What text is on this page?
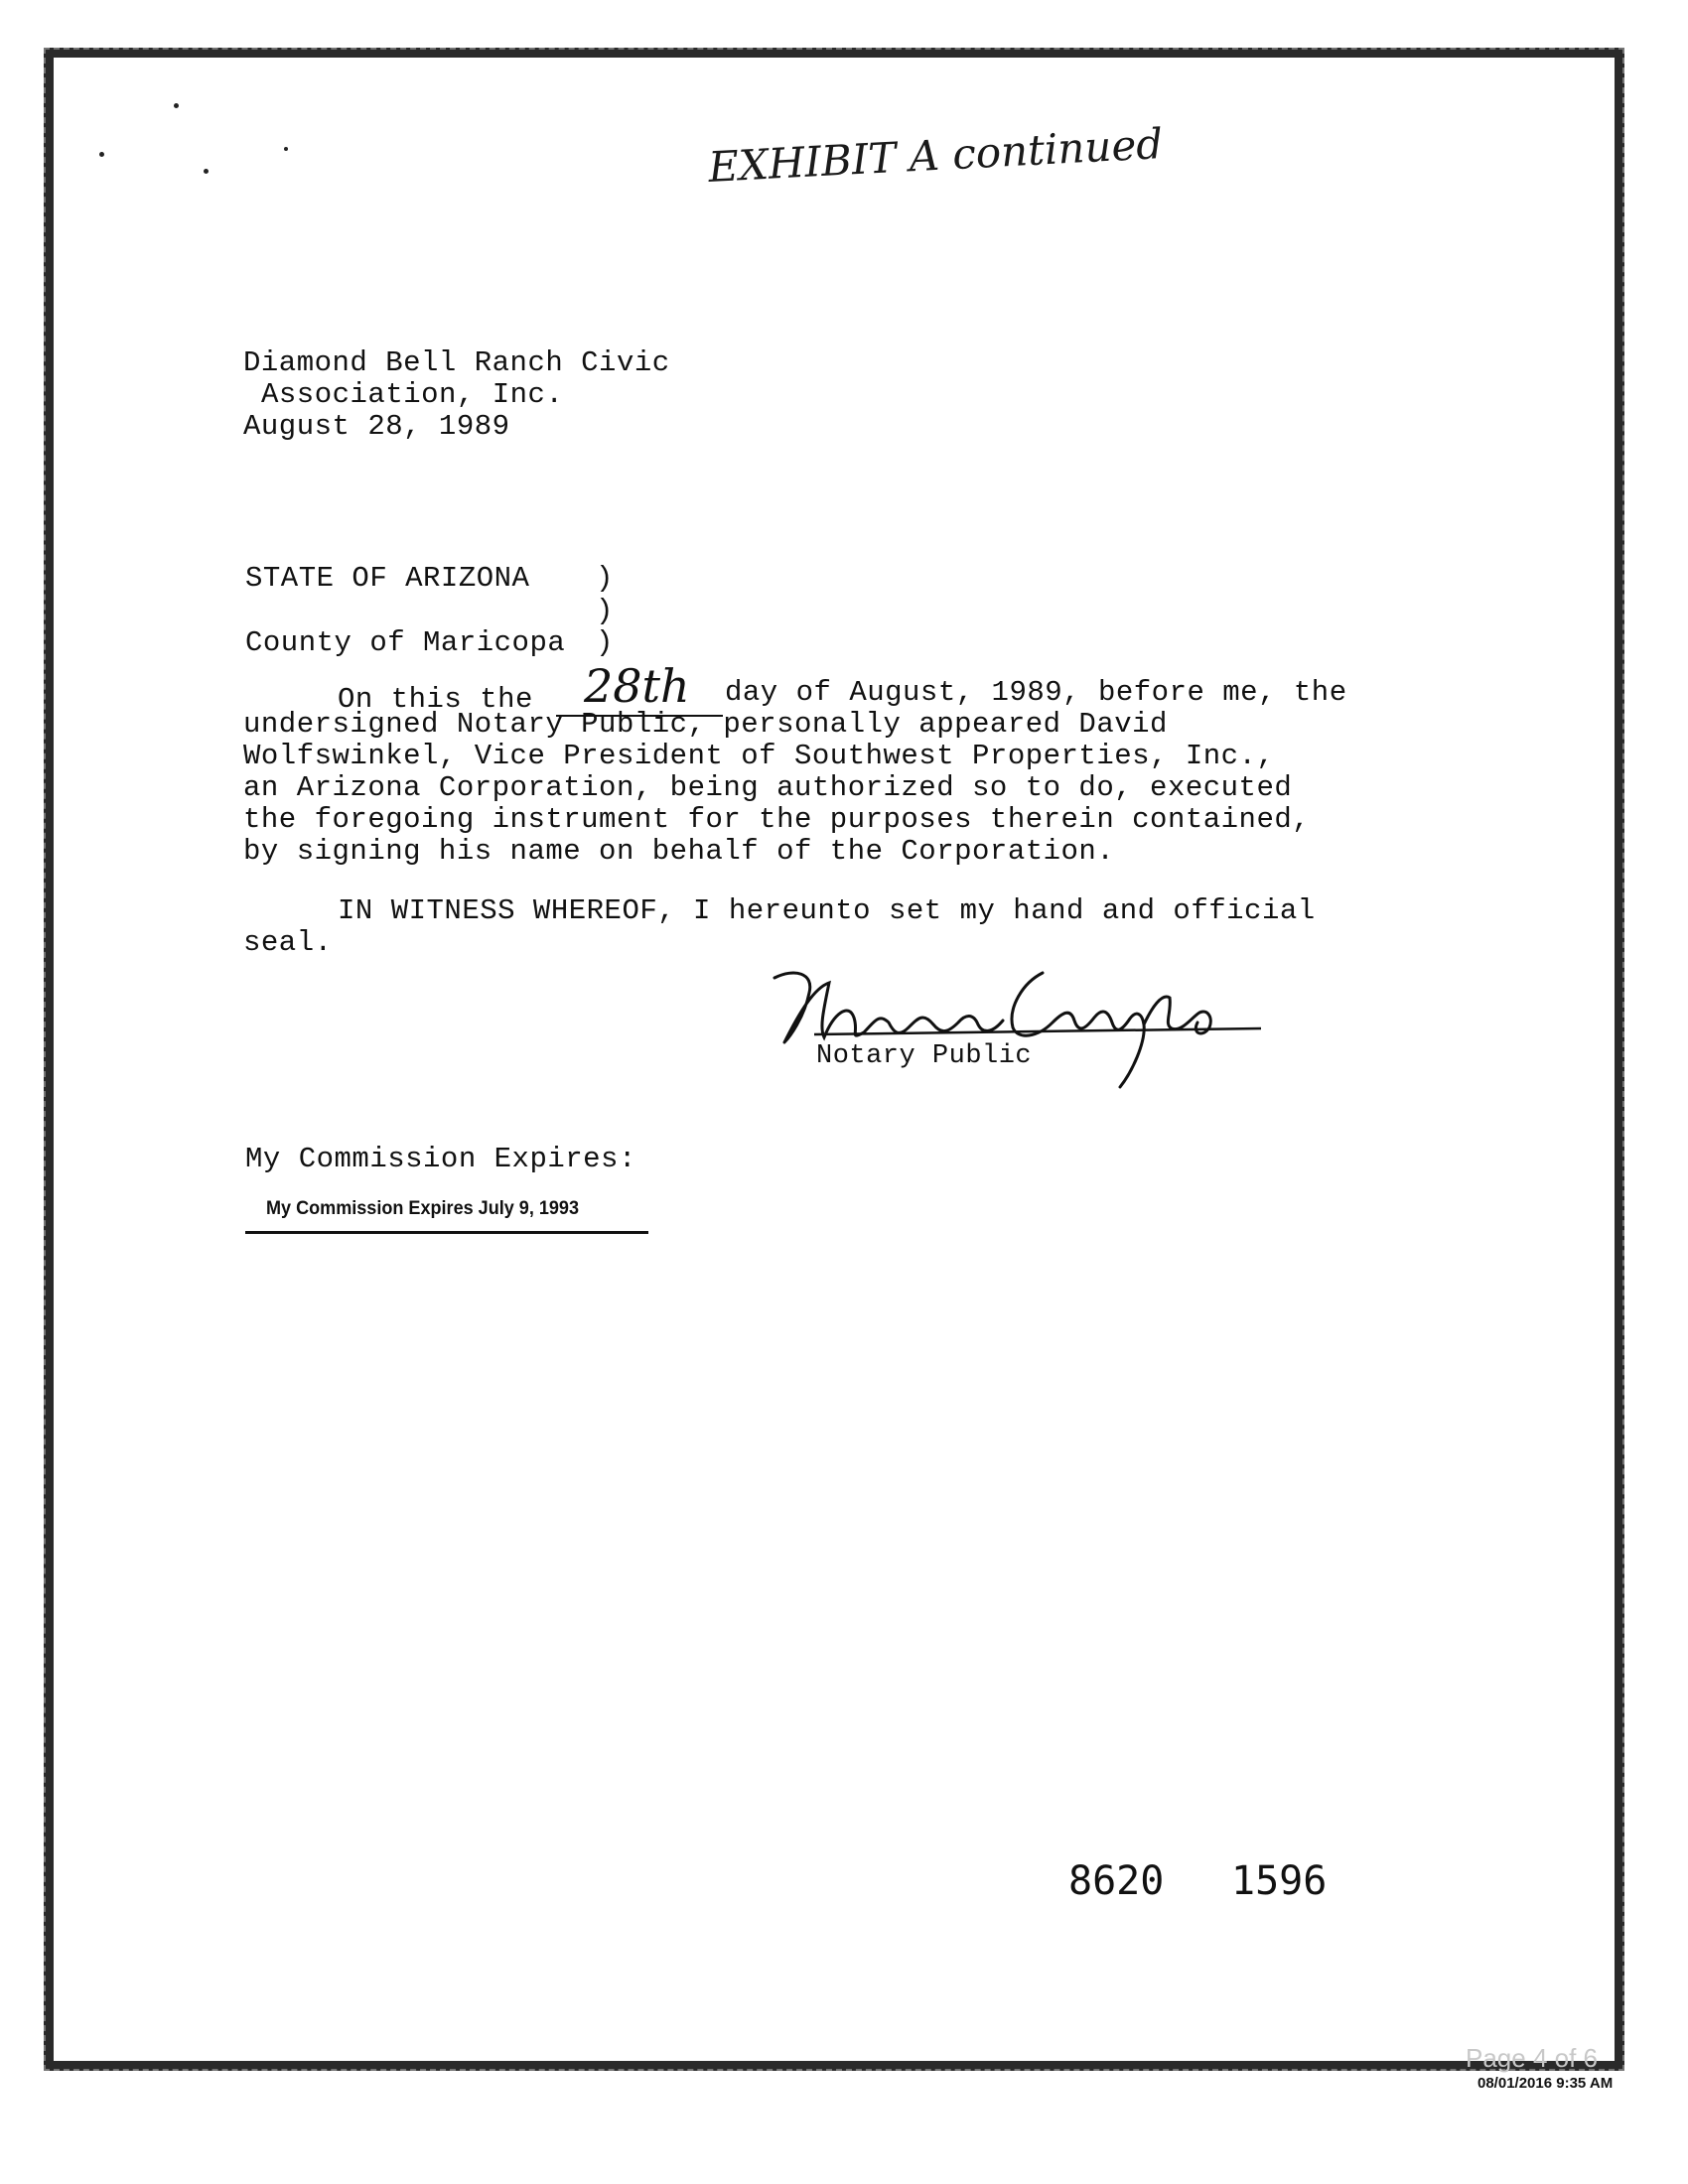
EXHIBIT A continued
Diamond Bell Ranch Civic
Association, Inc.
August 28, 1989
STATE OF ARIZONA )
)
County of Maricopa )
On this the 28th day of August, 1989, before me, the
undersigned Notary Public, personally appeared David
Wolfswinkel, Vice President of Southwest Properties, Inc.,
an Arizona Corporation, being authorized so to do, executed
the foregoing instrument for the purposes therein contained,
by signing his name on behalf of the Corporation.
IN WITNESS WHEREOF, I hereunto set my hand and official
seal.
Notary Public
My Commission Expires:
My Commission Expires July 9, 1993
8620 1596
Page 4 of 6
08/01/2016 9:35 AM
